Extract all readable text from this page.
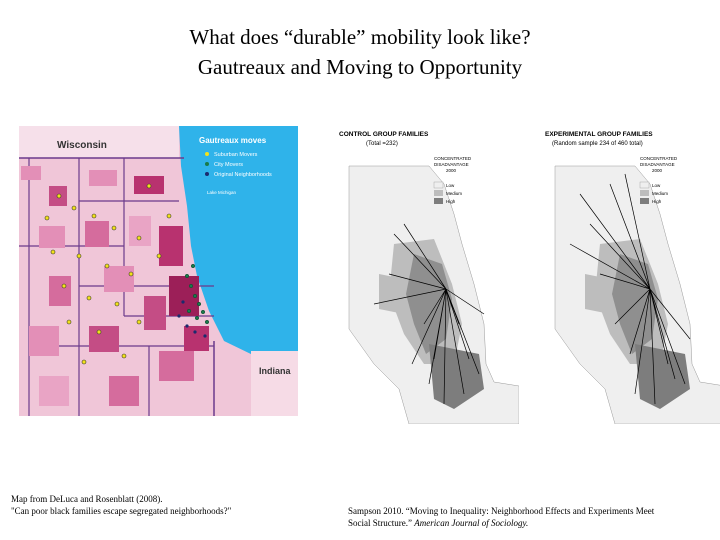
What does “durable” mobility look like?
Gautreaux and Moving to Opportunity
Gautreaux moves
Suburban Movers
City Movers
Original Neighborhoods
Lake Michigan
Wisconsin
Indiana
CONTROL GROUP FAMILIES
(Total =232)
CONCENTRATED
DISADVANTAGE
2000
Low
Medium
High
EXPERIMENTAL GROUP FAMILIES
(Random sample 234 of 460 total)
CONCENTRATED
DISADVANTAGE
2000
Low
Medium
High
Map from DeLuca and Rosenblatt (2008).
"Can poor black families escape segregated neighborhoods?"	Sampson 2010. “Moving to Inequality: Neighborhood Effects and Experiments Meet
Social Structure.” American Journal of Sociology.
